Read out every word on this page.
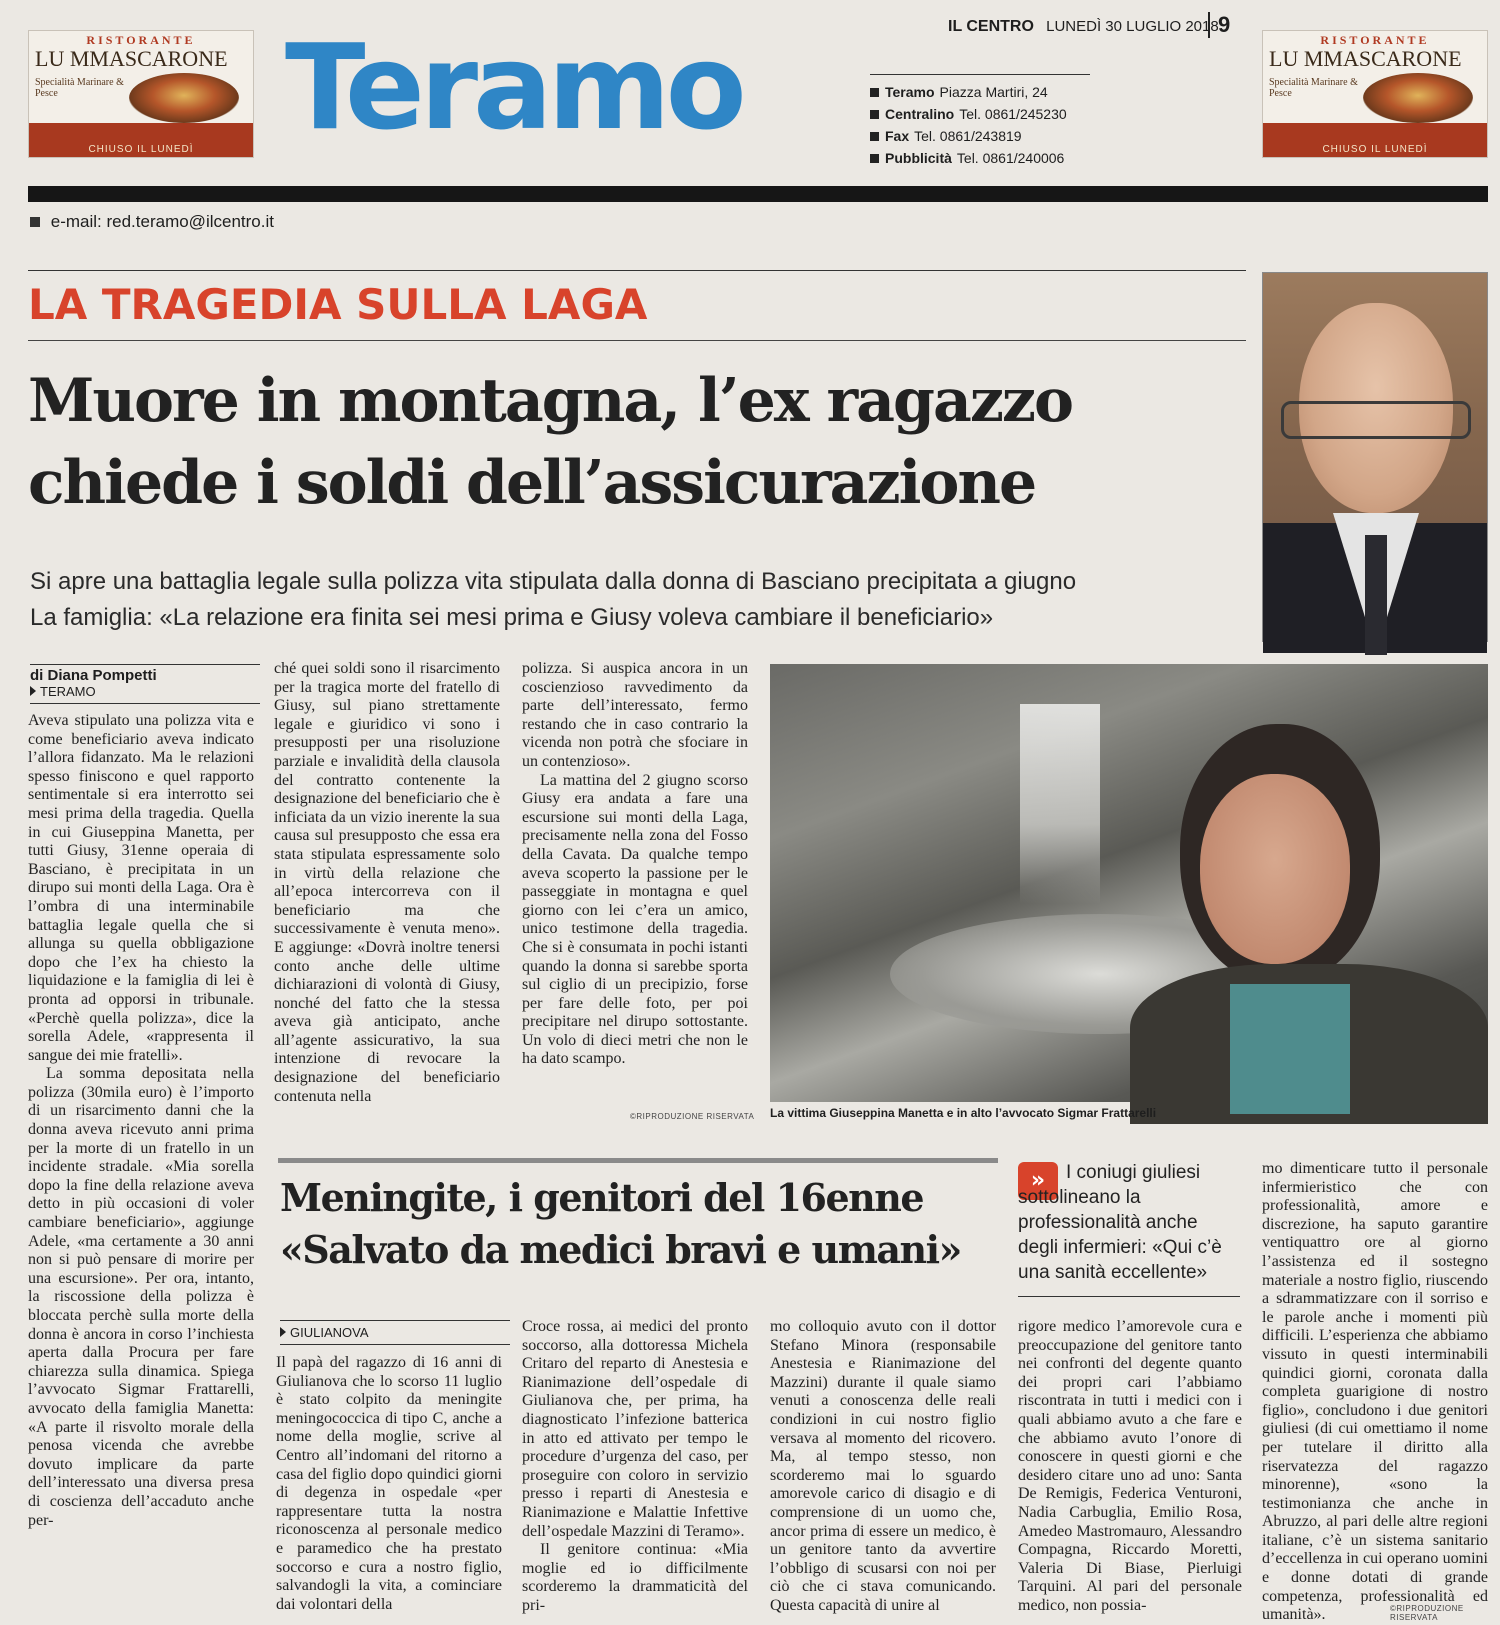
RISTORANTE
LU MMASCARONE
Specialità Marinare & Pesce
CHIUSO IL LUNEDÌ
RISTORANTE
LU MMASCARONE
Specialità Marinare & Pesce
CHIUSO IL LUNEDÌ
Teramo	IL CENTRO LUNEDÌ 30 LUGLIO 2018 9
Teramo Piazza Martiri, 24
Centralino Tel. 0861/245230
Fax Tel. 0861/243819
Pubblicità Tel. 0861/240006
e-mail: red.teramo@ilcentro.it
LA TRAGEDIA SULLA LAGA
Muore in montagna, l’ex ragazzo chiede i soldi dell’assicurazione
Si apre una battaglia legale sulla polizza vita stipulata dalla donna di Basciano precipitata a giugno
La famiglia: «La relazione era finita sei mesi prima e Giusy voleva cambiare il beneficiario»
di Diana Pompetti
TERAMO

Aveva stipulato una polizza vita e come beneficiario aveva indicato l’allora fidanzato. Ma le relazioni spesso finiscono e quel rapporto sentimentale si era interrotto sei mesi prima della tragedia. Quella in cui Giuseppina Manetta, per tutti Giusy, 31enne operaia di Basciano, è precipitata in un dirupo sui monti della Laga. Ora è l’ombra di una interminabile battaglia legale quella che si allunga su quella obbligazione dopo che l’ex ha chiesto la liquidazione e la famiglia di lei è pronta ad opporsi in tribunale. «Perchè quella polizza», dice la sorella Adele, «rappresenta il sangue dei mie fratelli».

La somma depositata nella polizza (30mila euro) è l’importo di un risarcimento danni che la donna aveva ricevuto anni prima per la morte di un fratello in un incidente stradale. «Mia sorella dopo la fine della relazione aveva detto in più occasioni di voler cambiare beneficiario», aggiunge Adele, «ma certamente a 30 anni non si può pensare di morire per una escursione». Per ora, intanto, la riscossione della polizza è bloccata perchè sulla morte della donna è ancora in corso l’inchiesta aperta dalla Procura per fare chiarezza sulla dinamica. Spiega l’avvocato Sigmar Frattarelli, avvocato della famiglia Manetta: «A parte il risvolto morale della penosa vicenda che avrebbe dovuto implicare da parte dell’interessato una diversa presa di coscienza dell’accaduto anche per-

ché quei soldi sono il risarcimento per la tragica morte del fratello di Giusy, sul piano strettamente legale e giuridico vi sono i presupposti per una risoluzione parziale e invalidità della clausola del contratto contenente la designazione del beneficiario che è inficiata da un vizio inerente la sua causa sul presupposto che essa era stata stipulata espressamente solo in virtù della relazione che all’epoca intercorreva con il beneficiario ma che successivamente è venuta meno». E aggiunge: «Dovrà inoltre tenersi conto anche delle ultime dichiarazioni di volontà di Giusy, nonché del fatto che la stessa aveva già anticipato, anche all’agente assicurativo, la sua intenzione di revocare la designazione del beneficiario contenuta nella

polizza. Si auspica ancora in un coscienzioso ravvedimento da parte dell’interessato, fermo restando che in caso contrario la vicenda non potrà che sfociare in un contenzioso».

La mattina del 2 giugno scorso Giusy era andata a fare una escursione sui monti della Laga, precisamente nella zona del Fosso della Cavata. Da qualche tempo aveva scoperto la passione per le passeggiate in montagna e quel giorno con lei c’era un amico, unico testimone della tragedia. Che si è consumata in pochi istanti quando la donna si sarebbe sporta sul ciglio di un precipizio, forse per fare delle foto, per poi precipitare nel dirupo sottostante. Un volo di dieci metri che non le ha dato scampo.

©RIPRODUZIONE RISERVATA La vittima Giuseppina Manetta e in alto l’avvocato Sigmar Frattarelli
Meningite, i genitori del 16enne «Salvato da medici bravi e umani»
»	I coniugi giuliesi sottolineano la professionalità anche degli infermieri: «Qui c’è una sanità eccellente»
GIULIANOVA

Il papà del ragazzo di 16 anni di Giulianova che lo scorso 11 luglio è stato colpito da meningite meningococcica di tipo C, anche a nome della moglie, scrive al Centro all’indomani del ritorno a casa del figlio dopo quindici giorni di degenza in ospedale «per rappresentare tutta la nostra riconoscenza al personale medico e paramedico che ha prestato soccorso e cura a nostro figlio, salvandogli la vita, a cominciare dai volontari della

Croce rossa, ai medici del pronto soccorso, alla dottoressa Michela Critaro del reparto di Anestesia e Rianimazione dell’ospedale di Giulianova che, per prima, ha diagnosticato l’infezione batterica in atto ed attivato per tempo le procedure d’urgenza del caso, per proseguire con coloro in servizio presso i reparti di Anestesia e Rianimazione e Malattie Infettive dell’ospedale Mazzini di Teramo».

Il genitore continua: «Mia moglie ed io difficilmente scorderemo la drammaticità del pri-

mo colloquio avuto con il dottor Stefano Minora (responsabile Anestesia e Rianimazione del Mazzini) durante il quale siamo venuti a conoscenza delle reali condizioni in cui nostro figlio versava al momento del ricovero. Ma, al tempo stesso, non scorderemo mai lo sguardo amorevole carico di disagio e di comprensione di un uomo che, ancor prima di essere un medico, è un genitore tanto da avvertire l’obbligo di scusarsi con noi per ciò che ci stava comunicando. Questa capacità di unire al

rigore medico l’amorevole cura e preoccupazione del genitore tanto nei confronti del degente quanto dei propri cari l’abbiamo riscontrata in tutti i medici con i quali abbiamo avuto a che fare e che abbiamo avuto l’onore di conoscere in questi giorni e che desidero citare uno ad uno: Santa De Remigis, Federica Venturoni, Nadia Carbuglia, Emilio Rosa, Amedeo Mastromauro, Alessandro Compagna, Riccardo Moretti, Valeria Di Biase, Pierluigi Tarquini. Al pari del personale medico, non possia-

mo dimenticare tutto il personale infermieristico che con professionalità, amore e discrezione, ha saputo garantire ventiquattro ore al giorno l’assistenza ed il sostegno materiale a nostro figlio, riuscendo a sdrammatizzare con il sorriso e le parole anche i momenti più difficili. L’esperienza che abbiamo vissuto in questi interminabili quindici giorni, coronata dalla completa guarigione di nostro figlio», concludono i due genitori giuliesi (di cui omettiamo il nome per tutelare il diritto alla riservatezza del ragazzo minorenne), «sono la testimonianza che anche in Abruzzo, al pari delle altre regioni italiane, c’è un sistema sanitario d’eccellenza in cui operano uomini e donne dotati di grande competenza, professionalità ed umanità».	©RIPRODUZIONE RISERVATA
